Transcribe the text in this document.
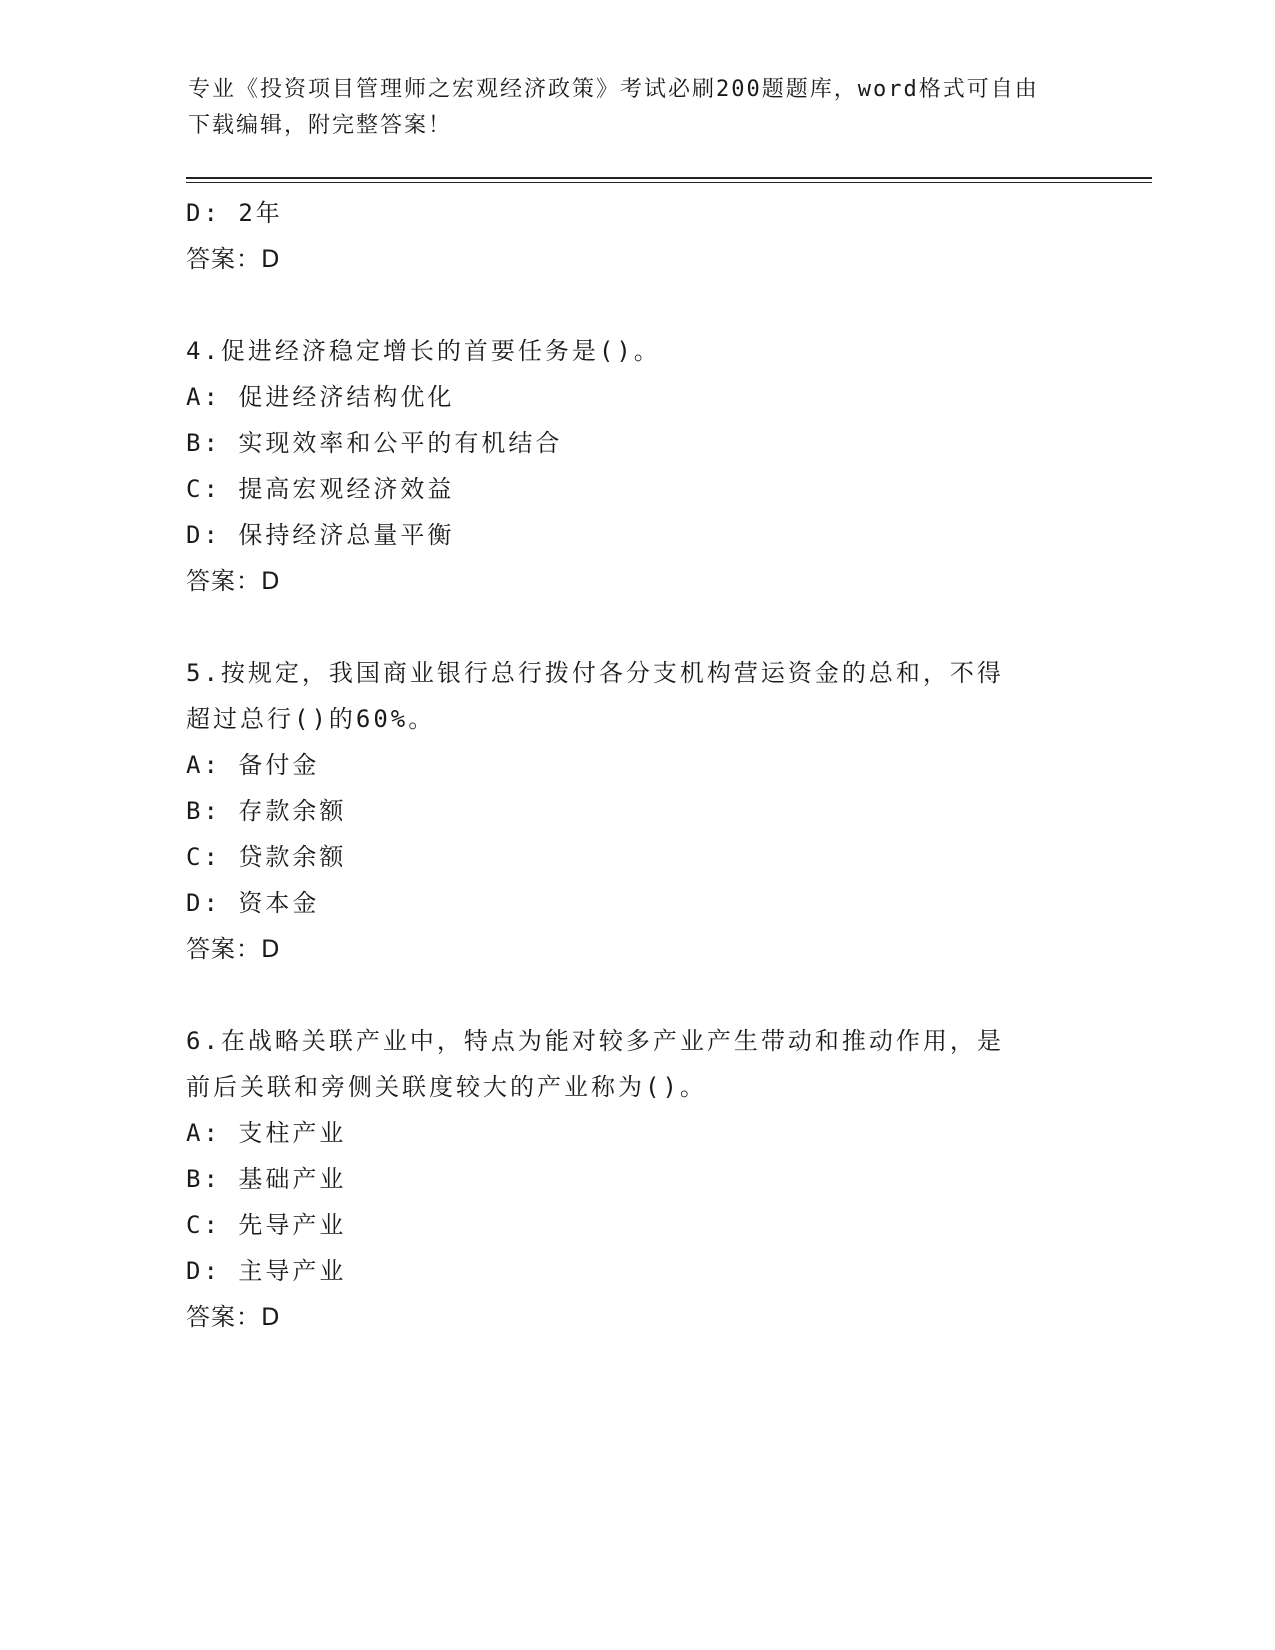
专业《投资项目管理师之宏观经济政策》考试必刷200题题库，word格式可自由
下载编辑，附完整答案！
D: 2年
答案：D
4.促进经济稳定增长的首要任务是()。
A: 促进经济结构优化
B: 实现效率和公平的有机结合
C: 提高宏观经济效益
D: 保持经济总量平衡
答案：D
5.按规定，我国商业银行总行拨付各分支机构营运资金的总和，不得
超过总行()的60%。
A: 备付金
B: 存款余额
C: 贷款余额
D: 资本金
答案：D
6.在战略关联产业中，特点为能对较多产业产生带动和推动作用，是
前后关联和旁侧关联度较大的产业称为()。
A: 支柱产业
B: 基础产业
C: 先导产业
D: 主导产业
答案：D
